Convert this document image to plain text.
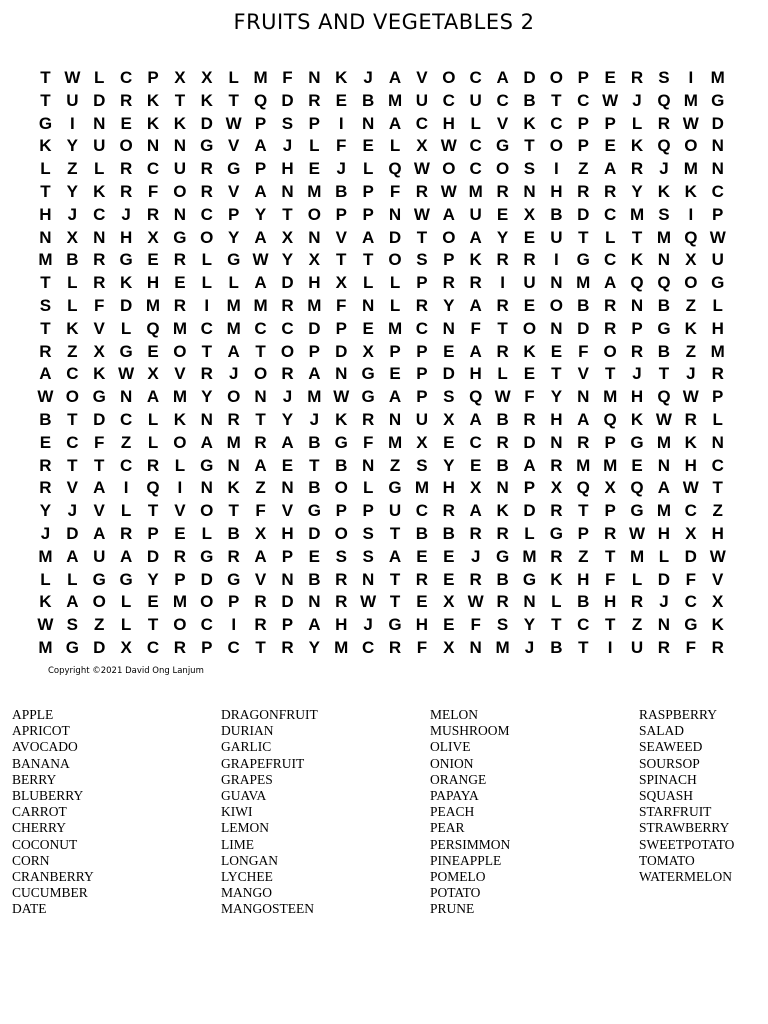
FRUITS AND VEGETABLES 2
T W L C P X X L M F N K J A V O C A D O P E R S	I	M
T U D R K T K T Q D R E B M U C U C B T C W J Q M G
G	I	N E K K D W P S P	I	N A C H L V K C P P L R W D
K Y U O N N G V A J L F E L X W C G T O P E K Q O N
L Z L R C U R G P H E J L Q W O C O S	I	Z A R J M N
T Y K R F O R V A N M B P F R W M R N H R R Y K K C
H J C J R N C P Y T O P P N W A U E X B D C M S	I	P
N X N H X G O Y A X N V A D T O A Y E U T L T M Q W
M B R G E R L G W Y X T T O S P K R R	I	G C K N X U
T L R K H E L L A D H X L L P R R	I	U N M A Q Q O G
S L F D M R	I	M M R M F N L R Y A R E O B R N B Z L
T K V L Q M C M C C D P E M C N F T O N D R P G K H
R Z X G E O T A T O P D X P P E A R K E F O R B Z M
A C K W X V R J O R A N G E P D H L E T V T J T J R
W O G N A M Y O N J M W G A P S Q W F Y N M H Q W P
B T D C L K N R T Y J K R N U X A B R H A Q K W R L
E C F Z L O A M R A B G F M X E C R D N R P G M K N
R T T C R L G N A E T B N Z S Y E B A R M M E N H C
R V A	I	Q	I	N K Z N B O L G M H X N P X Q X Q A W T
Y J V L T V O T F V G P P U C R A K D R T P G M C Z
J D A R P E L B X H D O S T B B R R L G P R W H X H
M A U A D R G R A P E S S A E E J G M R Z T M L D W
L L G G Y P D G V N B R N T R E R B G K H F L D F V
K A O L E M O P R D N R W T E X W R N L B H R J C X
W S Z L T O C	I	R P A H J G H E F S Y T C T Z N G K
M G D X C R P C T R Y M C R F X N M J B T	I	U R F R
Copyright ©2021 David Ong Lanjum
APPLE
APRICOT
AVOCADO
BANANA
BERRY
BLUBERRY
CARROT
CHERRY
COCONUT
CORN
CRANBERRY
CUCUMBER
DATE
DRAGONFRUIT
DURIAN
GARLIC
GRAPEFRUIT
GRAPES
GUAVA
KIWI
LEMON
LIME
LONGAN
LYCHEE
MANGO
MANGOSTEEN
MELON
MUSHROOM
OLIVE
ONION
ORANGE
PAPAYA
PEACH
PEAR
PERSIMMON
PINEAPPLE
POMELO
POTATO
PRUNE
RASPBERRY
SALAD
SEAWEED
SOURSOP
SPINACH
SQUASH
STARFRUIT
STRAWBERRY
SWEETPOTATO
TOMATO
WATERMELON
